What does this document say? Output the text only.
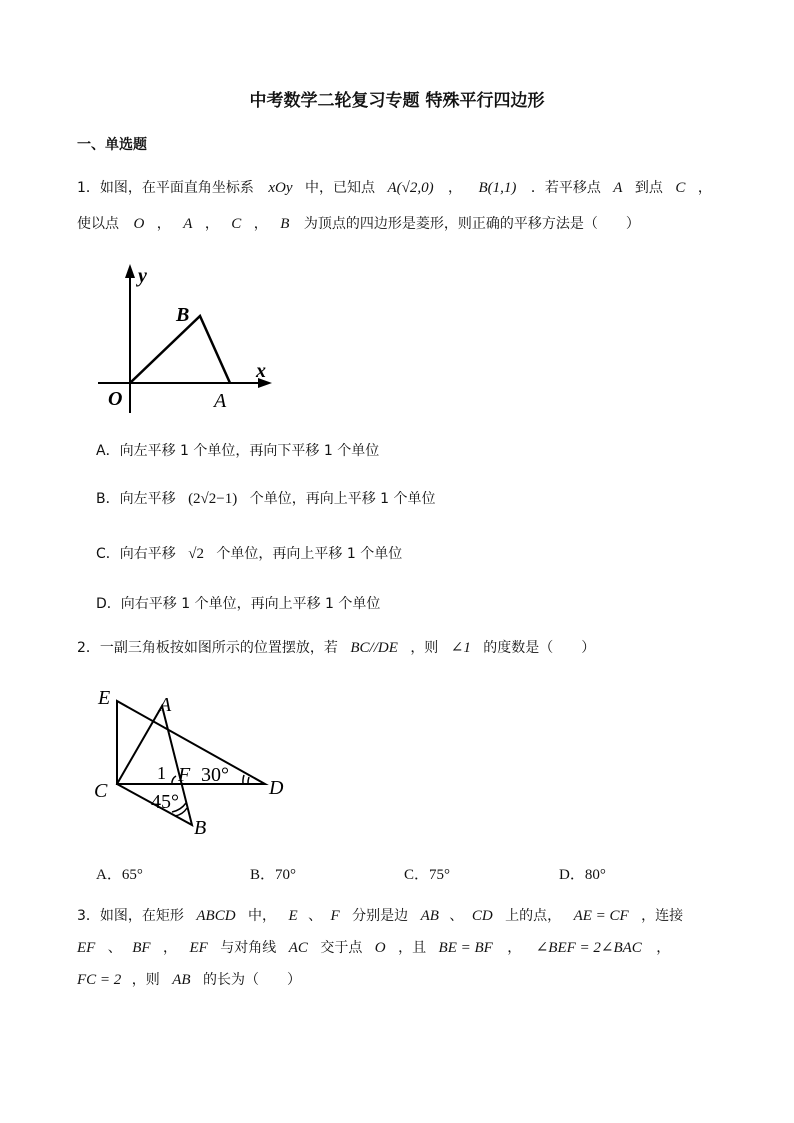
中考数学二轮复习专题 特殊平行四边形
一、单选题
1．如图，在平面直角坐标系 xOy 中，已知点 A(√2,0) ， B(1,1) ．若平移点 A 到点 C ，
使以点 O ， A ， C ， B 为顶点的四边形是菱形，则正确的平移方法是（　　）
y
x
O	A
B
A．向左平移 1 个单位，再向下平移 1 个单位
B．向左平移 (2√2−1) 个单位，再向上平移 1 个单位
C．向右平移 √2 个单位，再向上平移 1 个单位
D．向右平移 1 个单位，再向上平移 1 个单位
2．一副三角板按如图所示的位置摆放，若 BC//DE ，则 ∠1 的度数是（　　）
E A
C	D
B
F
1 30°
45°
A．65°	B．70°	C．75°	D．80°
3．如图，在矩形 ABCD 中， E 、 F 分别是边 AB 、 CD 上的点， AE = CF ，连接
EF 、 BF ， EF 与对角线 AC 交于点 O ，且 BE = BF ， ∠BEF = 2∠BAC ，
FC = 2 ，则 AB 的长为（　　）
